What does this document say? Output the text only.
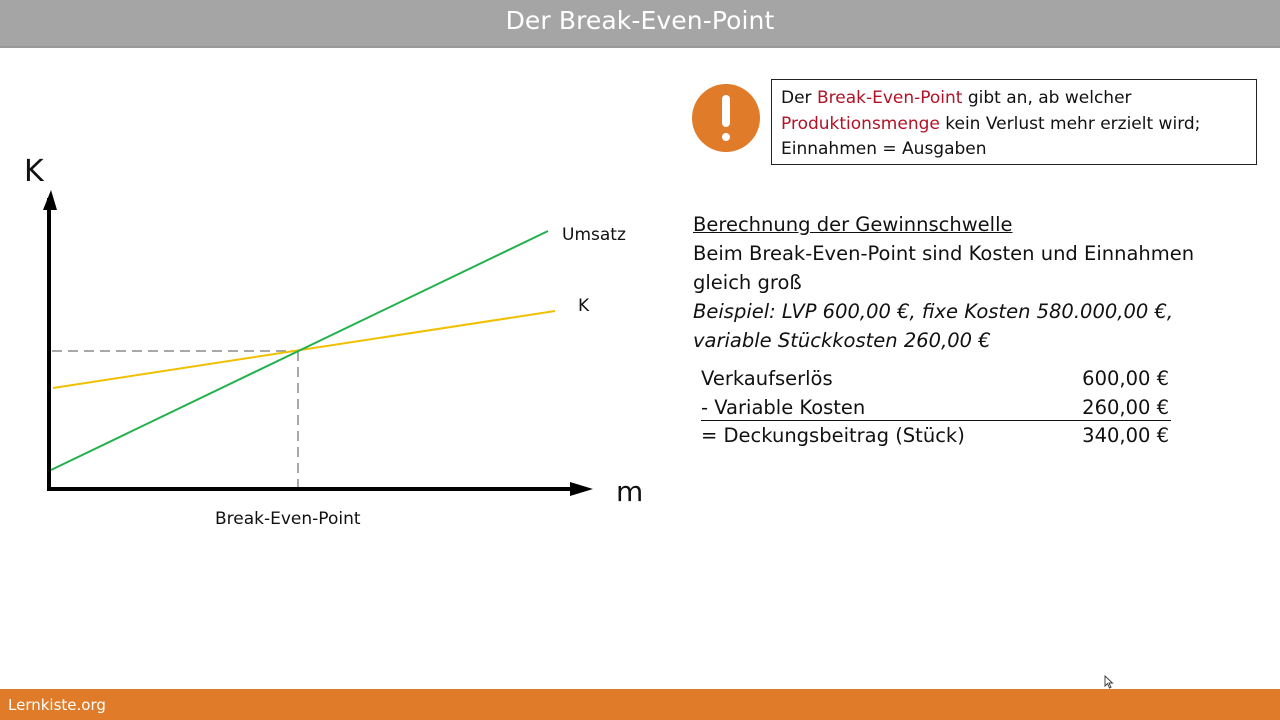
Der Break-Even-Point
K
m
Umsatz
K
Break-Even-Point
Der Break-Even-Point gibt an, ab welcher
Produktionsmenge kein Verlust mehr erzielt wird;
Einnahmen = Ausgaben
Berechnung der Gewinnschwelle
Beim Break-Even-Point sind Kosten und Einnahmen
gleich groß
Beispiel: LVP 600,00 €, fixe Kosten 580.000,00 €,
variable Stückkosten 260,00 €
Verkaufserlös	600,00 €
- Variable Kosten	260,00 €
= Deckungsbeitrag (Stück)	340,00 €
Lernkiste.org
